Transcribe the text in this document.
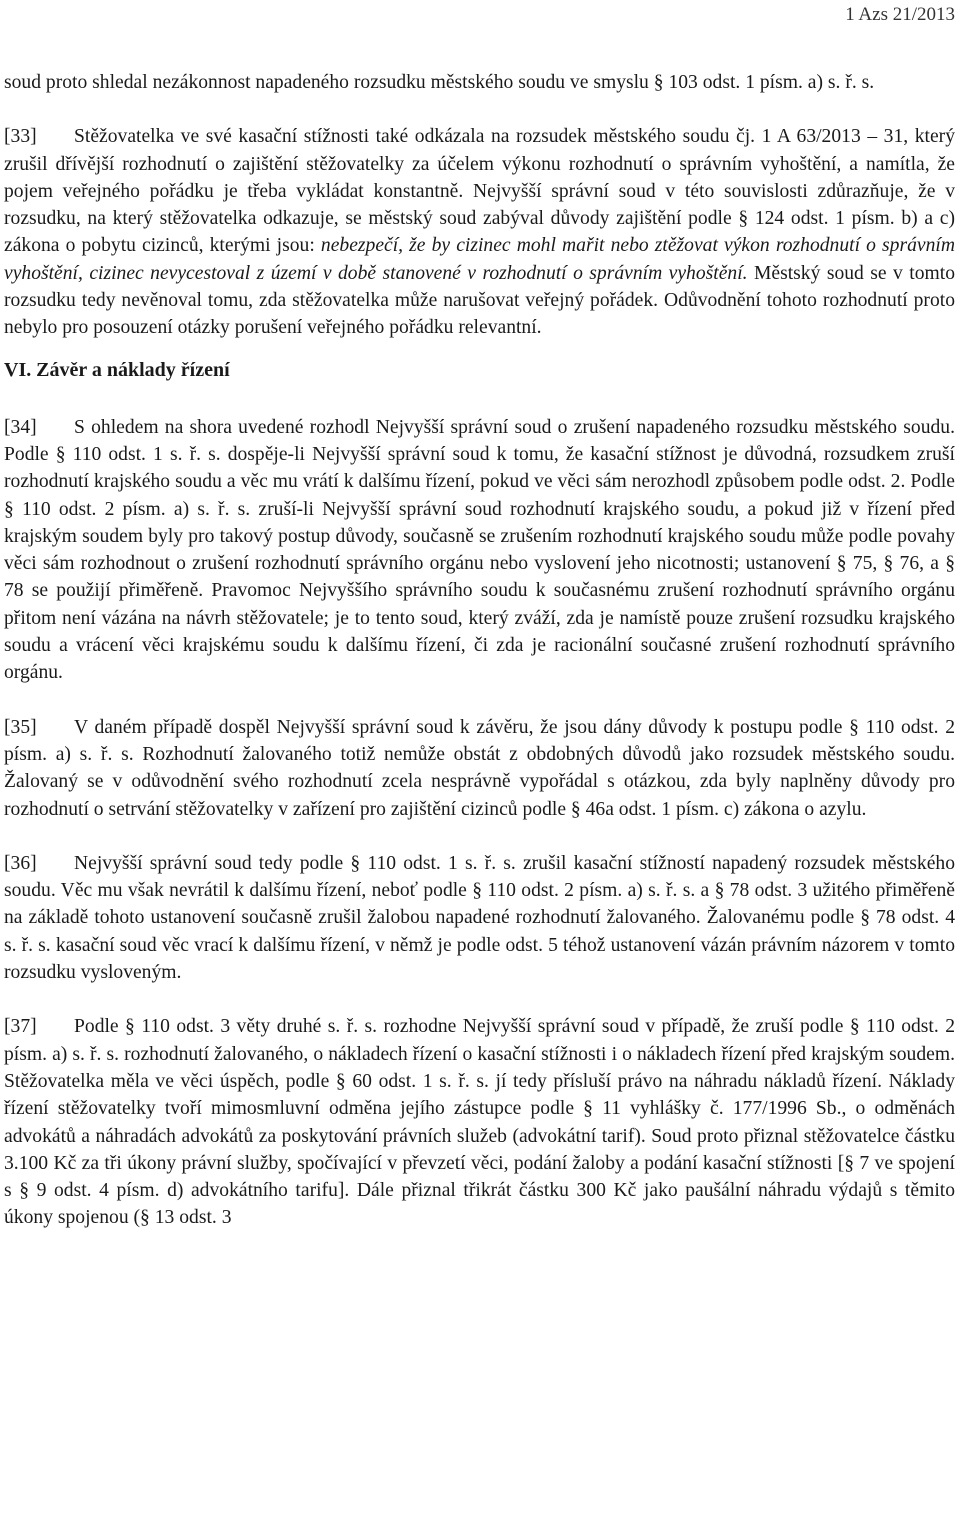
1 Azs 21/2013

soud proto shledal nezákonnost napadeného rozsudku městského soudu ve smyslu § 103 odst. 1 písm. a) s. ř. s.

[33] Stěžovatelka ve své kasační stížnosti také odkázala na rozsudek městského soudu čj. 1 A 63/2013 – 31, který zrušil dřívější rozhodnutí o zajištění stěžovatelky za účelem výkonu rozhodnutí o správním vyhoštění, a namítla, že pojem veřejného pořádku je třeba vykládat konstantně. Nejvyšší správní soud v této souvislosti zdůrazňuje, že v rozsudku, na který stěžovatelka odkazuje, se městský soud zabýval důvody zajištění podle § 124 odst. 1 písm. b) a c) zákona o pobytu cizinců, kterými jsou: nebezpečí, že by cizinec mohl mařit nebo ztěžovat výkon rozhodnutí o správním vyhoštění, cizinec nevycestoval z území v době stanovené v rozhodnutí o správním vyhoštění. Městský soud se v tomto rozsudku tedy nevěnoval tomu, zda stěžovatelka může narušovat veřejný pořádek. Odůvodnění tohoto rozhodnutí proto nebylo pro posouzení otázky porušení veřejného pořádku relevantní.

VI. Závěr a náklady řízení

[34] S ohledem na shora uvedené rozhodl Nejvyšší správní soud o zrušení napadeného rozsudku městského soudu. Podle § 110 odst. 1 s. ř. s. dospěje-li Nejvyšší správní soud k tomu, že kasační stížnost je důvodná, rozsudkem zruší rozhodnutí krajského soudu a věc mu vrátí k dalšímu řízení, pokud ve věci sám nerozhodl způsobem podle odst. 2. Podle § 110 odst. 2 písm. a) s. ř. s. zruší-li Nejvyšší správní soud rozhodnutí krajského soudu, a pokud již v řízení před krajským soudem byly pro takový postup důvody, současně se zrušením rozhodnutí krajského soudu může podle povahy věci sám rozhodnout o zrušení rozhodnutí správního orgánu nebo vyslovení jeho nicotnosti; ustanovení § 75, § 76, a § 78 se použijí přiměřeně. Pravomoc Nejvyššího správního soudu k současnému zrušení rozhodnutí správního orgánu přitom není vázána na návrh stěžovatele; je to tento soud, který zváží, zda je namístě pouze zrušení rozsudku krajského soudu a vrácení věci krajskému soudu k dalšímu řízení, či zda je racionální současné zrušení rozhodnutí správního orgánu.

[35] V daném případě dospěl Nejvyšší správní soud k závěru, že jsou dány důvody k postupu podle § 110 odst. 2 písm. a) s. ř. s. Rozhodnutí žalovaného totiž nemůže obstát z obdobných důvodů jako rozsudek městského soudu. Žalovaný se v odůvodnění svého rozhodnutí zcela nesprávně vypořádal s otázkou, zda byly naplněny důvody pro rozhodnutí o setrvání stěžovatelky v zařízení pro zajištění cizinců podle § 46a odst. 1 písm. c) zákona o azylu.

[36] Nejvyšší správní soud tedy podle § 110 odst. 1 s. ř. s. zrušil kasační stížností napadený rozsudek městského soudu. Věc mu však nevrátil k dalšímu řízení, neboť podle § 110 odst. 2 písm. a) s. ř. s. a § 78 odst. 3 užitého přiměřeně na základě tohoto ustanovení současně zrušil žalobou napadené rozhodnutí žalovaného. Žalovanému podle § 78 odst. 4 s. ř. s. kasační soud věc vrací k dalšímu řízení, v němž je podle odst. 5 téhož ustanovení vázán právním názorem v tomto rozsudku vysloveným.

[37] Podle § 110 odst. 3 věty druhé s. ř. s. rozhodne Nejvyšší správní soud v případě, že zruší podle § 110 odst. 2 písm. a) s. ř. s. rozhodnutí žalovaného, o nákladech řízení o kasační stížnosti i o nákladech řízení před krajským soudem. Stěžovatelka měla ve věci úspěch, podle § 60 odst. 1 s. ř. s. jí tedy přísluší právo na náhradu nákladů řízení. Náklady řízení stěžovatelky tvoří mimosmluvní odměna jejího zástupce podle § 11 vyhlášky č. 177/1996 Sb., o odměnách advokátů a náhradách advokátů za poskytování právních služeb (advokátní tarif). Soud proto přiznal stěžovatelce částku 3.100 Kč za tři úkony právní služby, spočívající v převzetí věci, podání žaloby a podání kasační stížnosti [§ 7 ve spojení s § 9 odst. 4 písm. d) advokátního tarifu]. Dále přiznal třikrát částku 300 Kč jako paušální náhradu výdajů s těmito úkony spojenou (§ 13 odst. 3
